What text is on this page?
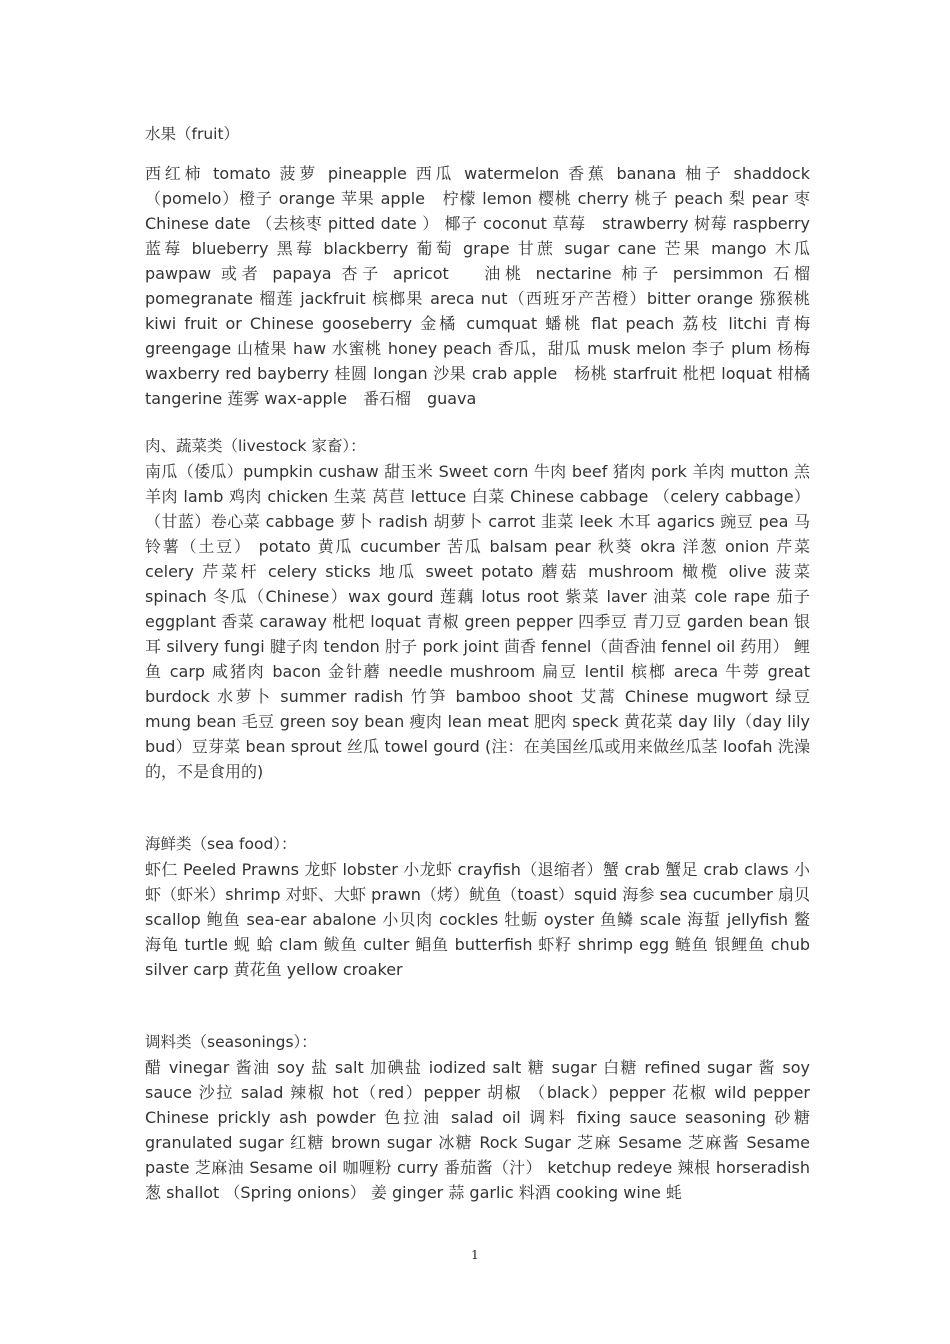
水果（fruit）

西红柿 tomato 菠萝 pineapple 西瓜 watermelon 香蕉 banana 柚子 shaddock（pomelo）橙子 orange 苹果 apple　柠檬 lemon 樱桃 cherry 桃子 peach 梨 pear 枣 Chinese date （去核枣 pitted date ） 椰子 coconut 草莓　strawberry 树莓 raspberry 蓝莓 blueberry 黑莓 blackberry 葡萄 grape 甘蔗 sugar cane 芒果 mango 木瓜 pawpaw 或者 papaya 杏子 apricot　 油桃 nectarine 柿子 persimmon 石榴 pomegranate 榴莲 jackfruit 槟榔果 areca nut（西班牙产苦橙）bitter orange 猕猴桃 kiwi fruit or Chinese gooseberry 金橘 cumquat 蟠桃 flat peach 荔枝 litchi 青梅 greengage 山楂果 haw 水蜜桃 honey peach 香瓜，甜瓜 musk melon 李子 plum 杨梅 waxberry red bayberry 桂圆 longan 沙果 crab apple　杨桃 starfruit 枇杷 loquat 柑橘 tangerine 莲雾 wax-apple　番石榴　guava

肉、蔬菜类（livestock 家畜）：

南瓜（倭瓜）pumpkin cushaw 甜玉米 Sweet corn 牛肉 beef 猪肉 pork 羊肉 mutton 羔羊肉 lamb 鸡肉 chicken 生菜 莴苣 lettuce 白菜 Chinese cabbage （celery cabbage）（甘蓝）卷心菜 cabbage 萝卜 radish 胡萝卜 carrot 韭菜 leek 木耳 agarics 豌豆 pea 马铃薯（土豆） potato 黄瓜 cucumber 苦瓜 balsam pear 秋葵 okra 洋葱 onion 芹菜 celery 芹菜杆 celery sticks 地瓜 sweet potato 蘑菇 mushroom 橄榄 olive 菠菜 spinach 冬瓜（Chinese）wax gourd 莲藕 lotus root 紫菜 laver 油菜 cole rape 茄子 eggplant 香菜 caraway 枇杷 loquat 青椒 green pepper 四季豆 青刀豆 garden bean 银耳 silvery fungi 腱子肉 tendon 肘子 pork joint 茴香 fennel（茴香油 fennel oil 药用） 鲤鱼 carp 咸猪肉 bacon 金针蘑 needle mushroom 扁豆 lentil 槟榔 areca 牛蒡 great burdock 水萝卜 summer radish 竹笋 bamboo shoot 艾蒿 Chinese mugwort 绿豆 mung bean 毛豆 green soy bean 瘦肉 lean meat 肥肉 speck 黄花菜 day lily（day lily bud）豆芽菜 bean sprout 丝瓜 towel gourd (注：在美国丝瓜或用来做丝瓜茎 loofah 洗澡的，不是食用的)

海鲜类（sea food）：

虾仁 Peeled Prawns 龙虾 lobster 小龙虾 crayfish（退缩者）蟹 crab 蟹足 crab claws 小虾（虾米）shrimp 对虾、大虾 prawn（烤）鱿鱼（toast）squid 海参 sea cucumber 扇贝 scallop 鲍鱼 sea-ear abalone 小贝肉 cockles 牡蛎 oyster 鱼鳞 scale 海蜇 jellyfish 鳖 海龟 turtle 蚬 蛤 clam 鲅鱼 culter 鲳鱼 butterfish 虾籽 shrimp egg 鲢鱼 银鲤鱼 chub silver carp 黄花鱼 yellow croaker

调料类（seasonings）：

醋 vinegar 酱油 soy 盐 salt 加碘盐 iodized salt 糖 sugar 白糖 refined sugar 酱 soy sauce 沙拉 salad 辣椒 hot（red）pepper 胡椒 （black）pepper 花椒 wild pepper Chinese prickly ash powder 色拉油 salad oil 调料 fixing sauce seasoning 砂糖 granulated sugar 红糖 brown sugar 冰糖 Rock Sugar 芝麻 Sesame 芝麻酱 Sesame paste 芝麻油 Sesame oil 咖喱粉 curry 番茄酱（汁） ketchup redeye 辣根 horseradish 葱 shallot （Spring onions） 姜 ginger 蒜 garlic 料酒 cooking wine 蚝

1
